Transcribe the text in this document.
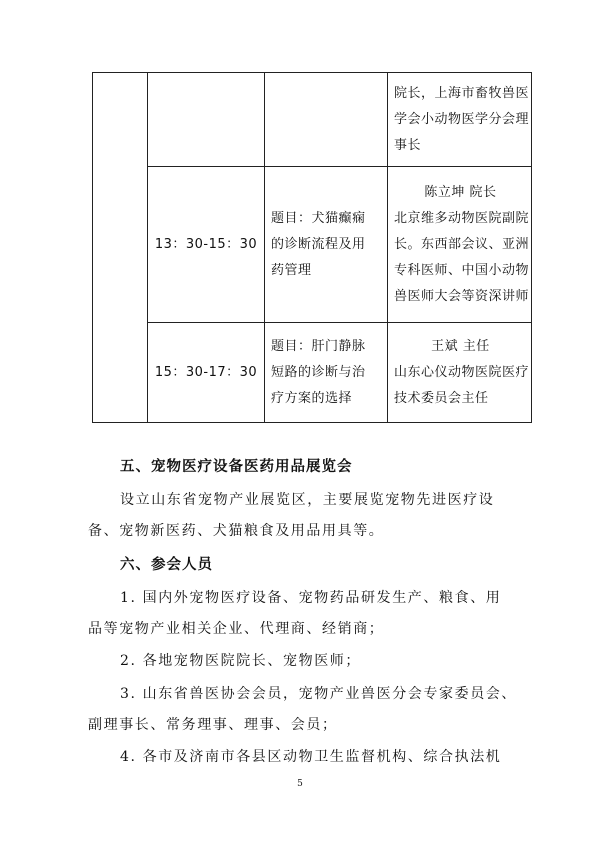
			院长，上海市畜牧兽医
学会小动物医学分会理
事长

	13：30-15：30	题目：犬猫癫痫
的诊断流程及用
药管理	陈立坤 院长
北京维多动物医院副院
长。东西部会议、亚洲
专科医师、中国小动物
兽医师大会等资深讲师

	15：30-17：30	题目：肝门静脉
短路的诊断与治
疗方案的选择	王斌 主任
山东心仪动物医院医疗
技术委员会主任
五、宠物医疗设备医药用品展览会
设立山东省宠物产业展览区，主要展览宠物先进医疗设
备、宠物新医药、犬猫粮食及用品用具等。
六、参会人员
1. 国内外宠物医疗设备、宠物药品研发生产、粮食、用
品等宠物产业相关企业、代理商、经销商；
2. 各地宠物医院院长、宠物医师；
3. 山东省兽医协会会员，宠物产业兽医分会专家委员会、
副理事长、常务理事、理事、会员；
4. 各市及济南市各县区动物卫生监督机构、综合执法机
5
